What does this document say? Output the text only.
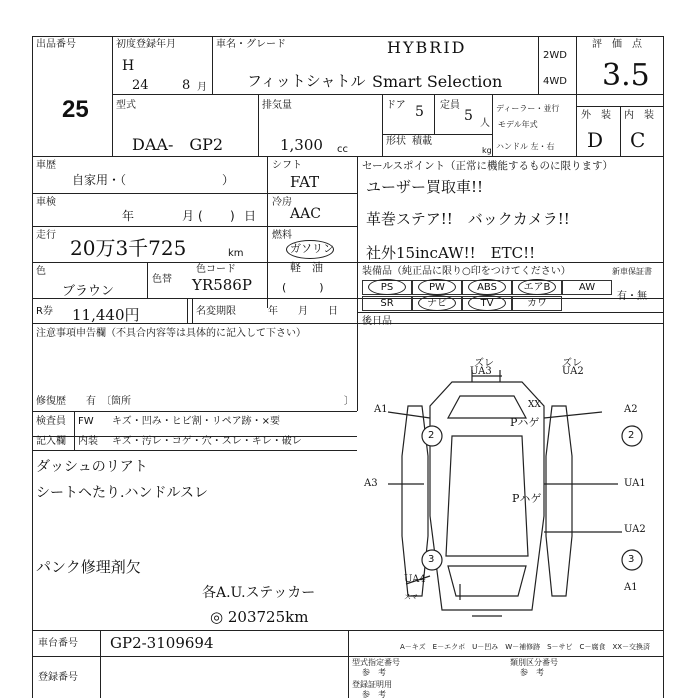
出品番号
25
初度登録年月
H
24	8 月
車名・グレード	HYBRID
フィットシャトル Smart Selection
2WD
4WD
評　価　点
3.5
型式
DAA-　GP2
排気量
1,300 cc
ドア 5 定員
5 人
ディーラー・並行
モデル年式
形状 積載
kg ハンドル 左・右
外　装 内　装
D C
車歴
自家用・（　　　　　　　　）
シフト
FAT
車検
年	月 ( ) 日
冷房
AAC
走行
20万3千725	km
燃料
ガソリン
軽　油
(　　　)
色
ブラウン
色替
色コード
YR586P
R券 11,440円	名変期限	年　　月　　日
セールスポイント（正常に機能するものに限ります）
ユーザー買取車!!
革巻ステア!!　バックカメラ!!
社外15incAW!!　ETC!!
装備品（純正品に限り○印をつけてください）	新車保証書
PS	PW	ABS	エアB	AW
SR	ナビ	TV	カワ
有・無
後日品
注意事項申告欄（不具合内容等は具体的に記入して下さい）
修復歴　　有　〔箇所	〕
検査員 FW キズ・凹み・ヒビ割・リペア跡・×要
記入欄 内装 キズ・汚レ・コゲ・穴・スレ・キレ・破レ
ダッシュのリアト
シートヘたり.ハンドルスレ
パンク修理剤欠
各A.U.ステッカー
◎ 203725km
車台番号 GP2-3109694
登録番号
型式指定番号
参　考
類別区分番号
参　考
登録証明用
参　考
A－キズ　E－エクボ　U－凹み　W－補修跡　S－サビ　C－腐食　XX－交換済
ズレ	ズレ
UA3	UA2
A1	A2
XX
Pハゲ
A3	UA1
Pハゲ
UA2
UA4
A1
スマ
2	2
3	3
